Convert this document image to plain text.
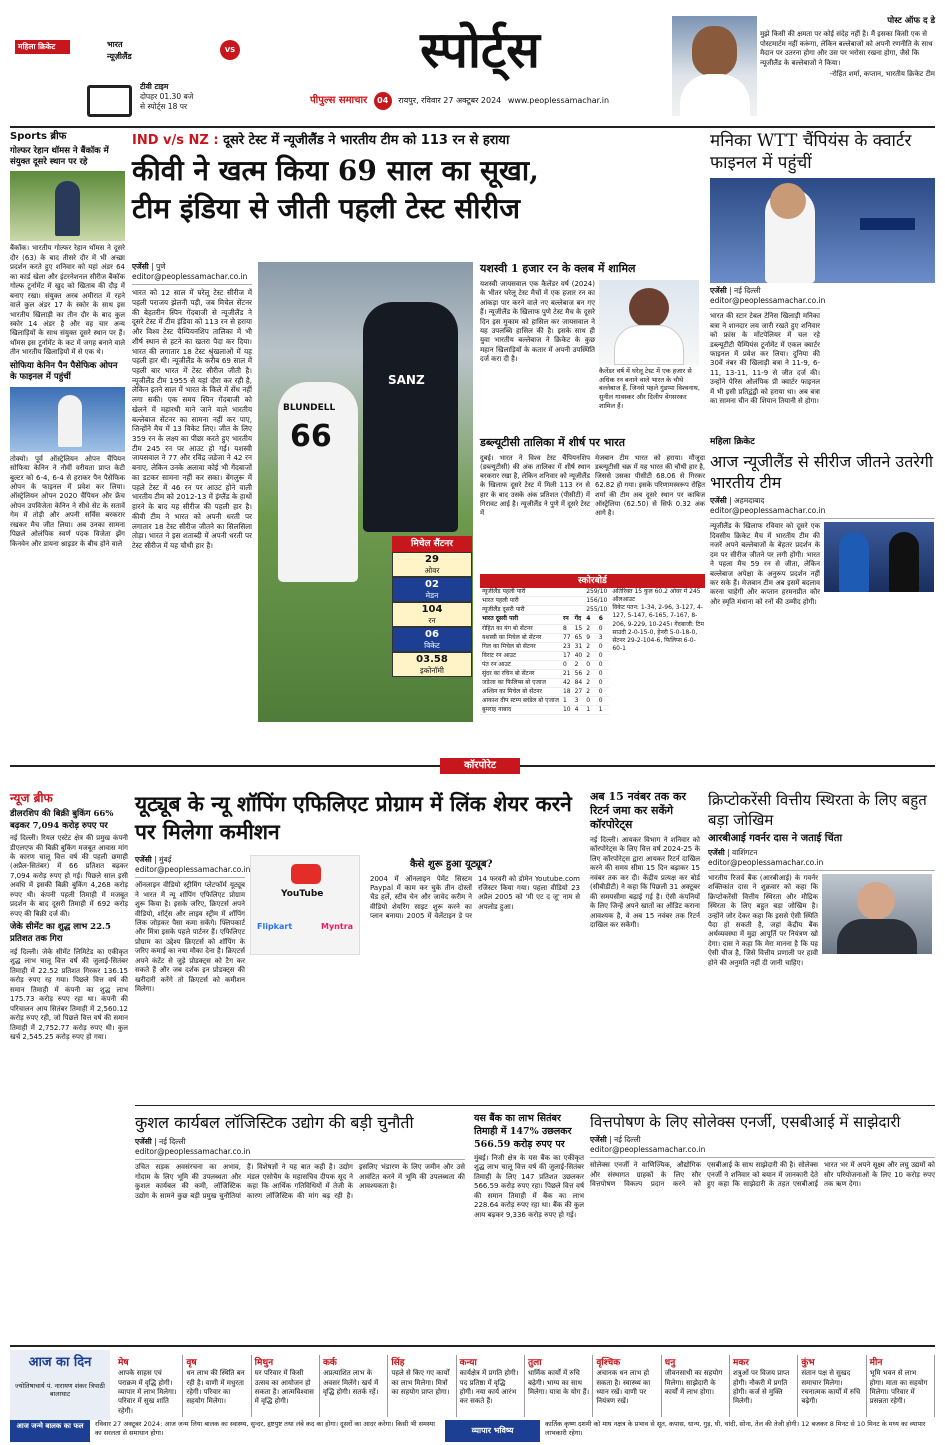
महिला क्रिकेट	भारत
न्यूज़ीलैंड
VS
टीवी टाइम
दोपहर 01.30 बजे
से स्पोर्ट्स 18 पर
स्पोर्ट्स
पीपुल्स समाचार 04 रायपुर, रविवार 27 अक्टूबर 2024 www.peoplessamachar.in
पोस्ट ऑफ द डे
मुझे किसी की क्षमता पर कोई संदेह नहीं है। मैं इसका किसी एक से पोस्टमार्टम नहीं करूंगा, लेकिन बल्लेबाजों को अपनी रणनीति के साथ मैदान पर उतरना होगा और उस पर भरोसा रखना होगा, जैसे कि न्यूजीलैंड के बल्लेबाजों ने किया।
-रोहित शर्मा, कप्तान, भारतीय क्रिकेट टीम
Sports ब्रीफ
गोल्फर रेहान थॉमस ने बैंकॉक में संयुक्त दूसरे स्थान पर रहे

बैंकॉक। भारतीय गोल्फर रेहान थॉमस ने दूसरे दौर (63) के बाद तीसरे दौर में भी अच्छा प्रदर्शन करते हुए शनिवार को यहां अंडर 64 का कार्ड खेला और इंटरनेशनल सीरीज बैंकॉक गोल्फ टूर्नामेंट में खुद को खिताब की दौड़ में बनाए रखा। संयुक्त अरब अमीरात में रहने वाले कुल अंडर 17 के स्कोर के साथ इस भारतीय खिलाड़ी का तीन दौर के बाद कुल स्कोर 14 अंडर है और वह चार अन्य खिलाड़ियों के साथ संयुक्त दूसरे स्थान पर हैं। थॉमस इस टूर्नामेंट के कट में जगह बनाने वाले तीन भारतीय खिलाड़ियों में से एक थे।

सोफिया केनिन पैन पैसेफिक ओपन के फाइनल में पहुंचीं

तोक्यो। पूर्व ऑस्ट्रेलियन ओपन चैंपियन सोफिया केनिन ने नौवीं वरीयता प्राप्त केटी बुल्टर को 6-4, 6-4 से हराकर पैन पैसेफिक ओपन के फाइनल में प्रवेश कर लिया। ऑस्ट्रेलियन ओपन 2020 चैंपियन और फ्रेंच ओपन उपविजेता केनिन ने सीधे सेट के सतावें गेम में तोड़ी और अपनी सर्विस बरकरार रखकर मैच जीत लिया। अब उनका सामना पिछले ओलंपिक स्वर्ण पदक विजेता झेंग किनवेन और डायना श्नाइडर के बीच होने वाले

IND v/s NZ : दूसरे टेस्ट में न्यूजीलैंड ने भारतीय टीम को 113 रन से हराया
कीवी ने खत्म किया 69 साल का सूखा,
टीम इंडिया से जीती पहली टेस्ट सीरीज
एजेंसी | पुणे
editor@peoplessamachar.co.in

भारत को 12 साल में घरेलू टेस्ट सीरीज में पहली पराजय झेलनी पड़ी, जब मिचेल सेंटनर की बेहतरीन स्पिन गेंदबाजी से न्यूजीलैंड ने दूसरे टेस्ट में टीम इंडिया को 113 रन से हराया और विश्व टेस्ट चैम्पियनशिप तालिका में भी शीर्ष स्थान से हटने का खतरा पैदा कर दिया। भारत की लगातार 18 टेस्ट श्रृंखलाओं में यह पहली हार थी। न्यूजीलैंड के करीब 69 साल में पहली बार भारत में टेस्ट सीरीज जीती है। न्यूजीलैंड टीम 1955 से यहां दौरा कर रही है, लेकिन इतने साल में भारत के किले में सेंध नहीं लगा सकी। एक समय स्पिन गेंदबाजी को खेलने में महारथी माने जाने वाले भारतीय बल्लेबाज सेंटनर का सामना नहीं कर पाए, जिन्होंने मैच में 13 विकेट लिए। जीत के लिए 359 रन के लक्ष्य का पीछा करते हुए भारतीय टीम 245 रन पर आउट हो गई। यशस्वी जायसवाल ने 77 और रविंद्र जडेजा ने 42 रन बनाए, लेकिन उनके अलावा कोई भी गेंदबाजों का डटकर सामना नहीं कर सका। बेंगलुरू में पहले टेस्ट में 46 रन पर आउट होने वाली भारतीय टीम को 2012-13 में इंग्लैंड के हाथों हारने के बाद यह सीरीज की पहली हार है। कीवी टीम ने भारत को अपनी धरती पर लगातार 18 टेस्ट सीरीज जीतने का सिलसिला तोड़ा। भारत ने इस शताब्दी में अपनी धरती पर टेस्ट सीरीज में यह चौथी हार है।

BLUNDELL
66
SANZ
मिचेल सैंटनर
29
ओवर
02
मेडन
104
रन
06
विकेट
03.58
इकोनॉमी
यशस्वी 1 हजार रन के क्लब में शामिल
यशस्वी जायसवाल एक कैलेंडर वर्ष (2024) के भीतर घरेलू टेस्ट मैचों में एक हजार रन का आंकड़ा पार करने वाले नए बल्लेबाज बन गए हैं। न्यूजीलैंड के खिलाफ पुणे टेस्ट मैच के दूसरे दिन इस मुकाम को हासिल कर जायसवाल ने यह उपलब्धि हासिल की है। इसके साथ ही युवा भारतीय बल्लेबाज ने क्रिकेट के कुछ महान खिलाड़ियों के कतार में अपनी उपस्थिति दर्ज करा दी है।
कैलेंडर वर्ष में घरेलू टेस्ट में एक हजार से अधिक रन बनाने वाले भारत के चौथे बल्लेबाज हैं, जिनसे पहले गुंडप्पा विश्वनाथ, सुनील गावस्कर और दिलीप वेंगसरकर शामिल हैं।
डब्ल्यूटीसी तालिका में शीर्ष पर भारत
दुबई। भारत ने विश्व टेस्ट चैंपियनशिप (डब्ल्यूटीसी) की अंक तालिका में शीर्ष स्थान बरकरार रखा है, लेकिन शनिवार को न्यूजीलैंड के खिलाफ दूसरे टेस्ट में मिली 113 रन से हार के बाद उसके अंक प्रतिशत (पीसीटी) में गिरावट आई है। न्यूजीलैंड ने पुणे में दूसरे टेस्ट में
मेजबान टीम भारत को हराया। मौजूदा डब्ल्यूटीसी चक्र में यह भारत की चौथी हार है, जिससे उसका पीसीटी 68.06 से गिरकर 62.82 हो गया। इसके परिणामस्वरूप रोहित शर्मा की टीम अब दूसरे स्थान पर काबिज ऑस्ट्रेलिया (62.50) से सिर्फ 0.32 अंक आगे है।
स्कोरबोर्ड
न्यूजीलैंड पहली पारी			259/10	
भारत पहली पारी			156/10	
न्यूजीलैंड दूसरी पारी			255/10	
भारत दूसरी पारी	रन	गेंद	4	6
रोहित का यंग बो सेंटनर	8	15	2	0
यशस्वी का मिचेल बो सेंटनर	77	65	9	3
गिल का मिचेल बो सेंटनर	23	31	2	0
विराट रन आउट	17	40	2	0
पंत रन आउट	0	2	0	0
सुंदर का रचिन बो सेंटनर	21	56	2	0
जडेजा का फिलिप्स बो एजाज	42	84	2	0
अश्विन का मिचेल बो सेंटनर	18	27	2	0
आकाश दीप स्टम्प ब्लंडेल बो एजाज	1	3	0	0
बुमराह नाबाद	10	4	1	1
अतिरिक्त 15 कुल 60.2 ओवर में 245 ऑलआउट
विकेट पतन: 1-34, 2-96, 3-127, 4-127, 5-147, 6-165, 7-167, 8-206, 9-229, 10-245। गेंदबाजी: टिम साउदी 2-0-15-0, हेनरी 5-0-18-0, सेंटनर 29-2-104-6, फिलिप्स 6-0-60-1
मनिका WTT चैंपियंस के क्वार्टर फाइनल में पहुंचीं
एजेंसी | नई दिल्ली
editor@peoplessamachar.co.in
भारत की स्टार टेबल टेनिस खिलाड़ी मनिका बत्रा ने शानदार लय जारी रखते हुए शनिवार को फ्रांस के मोंटपेलियर में चल रहे डब्ल्यूटीटी चैम्पियंस टूर्नामेंट में एकल क्वार्टर फाइनल में प्रवेश कर लिया। दुनिया की 30वें नंबर की खिलाड़ी बत्रा ने 11-9, 6-11, 13-11, 11-9 से जीत दर्ज की। उन्होंने पेरिस ओलंपिक प्री क्वार्टर फाइनल में भी इसी प्रतिद्वंद्वी को हराया था। अब बत्रा का सामना चीन की शियान तियानी से होगा।
महिला क्रिकेट
आज न्यूजीलैंड से सीरीज जीतने उतरेगी भारतीय टीम
एजेंसी | अहमदाबाद
editor@peoplessamachar.co.in
न्यूजीलैंड के खिलाफ रविवार को दूसरे एक दिवसीय क्रिकेट मैच में भारतीय टीम की नजरें अपने बल्लेबाजों के बेहतर प्रदर्शन के दम पर सीरीज जीतने पर लगी होंगी। भारत ने पहला मैच 59 रन से जीता, लेकिन बल्लेबाज अपेक्षा के अनुरूप प्रदर्शन नहीं कर सके हैं। मेजबान टीम अब इसमें बदलाव करना चाहेगी और कप्तान हरमनप्रीत कौर और स्मृति मंधाना को रनों की उम्मीद होगी।
कॉरपोरेट
न्यूज ब्रीफ
डीलरशिप की बिक्री बुकिंग 66% बढ़कर 7,094 करोड़ रुपए पर

नई दिल्ली। रियल एस्टेट क्षेत्र की प्रमुख कंपनी डीएलएफ की बिक्री बुकिंग मजबूत आवास मांग के कारण चालू वित्त वर्ष की पहली छमाही (अप्रैल-सितंबर) में 66 प्रतिशत बढ़कर 7,094 करोड़ रुपए हो गई। पिछले साल इसी अवधि में इसकी बिक्री बुकिंग 4,268 करोड़ रुपए थी। कंपनी पहली तिमाही में मजबूत प्रदर्शन के बाद दूसरी तिमाही में 692 करोड़ रुपए की बिक्री दर्ज की।

जेके सीमेंट का शुद्ध लाभ 22.5 प्रतिशत तक गिरा

नई दिल्ली। जेके सीमेंट लिमिटेड का एकीकृत शुद्ध लाभ चालू वित्त वर्ष की जुलाई-सितंबर तिमाही में 22.52 प्रतिशत गिरकर 136.15 करोड़ रुपए रह गया। पिछले वित्त वर्ष की समान तिमाही में कंपनी का शुद्ध लाभ 175.73 करोड़ रुपए रहा था। कंपनी की परिचालन आय सितंबर तिमाही में 2,560.12 करोड़ रुपए रही, जो पिछले वित्त वर्ष की समान तिमाही में 2,752.77 करोड़ रुपए थी। कुल खर्च 2,545.25 करोड़ रुपए हो गया।

यूट्यूब के न्यू शॉपिंग एफिलिएट प्रोग्राम में लिंक शेयर करने पर मिलेगा कमीशन
एजेंसी | मुंबई
editor@peoplessamachar.co.in

ऑनलाइन वीडियो स्ट्रीमिंग प्लेटफॉर्म यूट्यूब ने भारत में न्यू शॉपिंग एफिलिएट प्रोग्राम शुरू किया है। इसके जरिए, क्रिएटर्स अपने वीडियो, शॉर्ट्स और लाइव स्ट्रीम में शॉपिंग लिंक जोड़कर पैसा कमा सकेंगे। फ्लिपकार्ट और मिंत्रा इसके पहले पार्टनर हैं। एफिलिएट प्रोग्राम का उद्देश्य क्रिएटर्स को शॉपिंग के जरिए कमाई का नया मौका देना है। क्रिएटर्स अपने कंटेंट से जुड़े प्रोडक्ट्स को टैग कर सकते हैं और जब दर्शक इन प्रोडक्ट्स की खरीदारी करेंगे तो क्रिएटर्स को कमीशन मिलेगा।

YouTube
Flipkart	Myntra
कैसे शुरू हुआ यूट्यूब?
2004 में ऑनलाइन पेमेंट सिस्टम Paypal में काम कर चुके तीन दोस्तों चैड हर्ले, स्टीव चेन और जावेद करीम ने वीडियो शेयरिंग साइट शुरू करने का प्लान बनाया। 2005 में वेलेंटाइन डे पर 14 फरवरी को डोमेन Youtube.com रजिस्टर किया गया। पहला वीडियो 23 अप्रैल 2005 को 'मी एट द जू' नाम से अपलोड हुआ।
अब 15 नवंबर तक कर रिटर्न जमा कर सकेंगे कॉरपोरेट्स
नई दिल्ली। आयकर विभाग ने शनिवार को कॉरपोरेट्स के लिए वित्त वर्ष 2024-25 के लिए कॉरपोरेट्स द्वारा आयकर रिटर्न दाखिल करने की समय सीमा 15 दिन बढ़ाकर 15 नवंबर तक कर दी। केंद्रीय प्रत्यक्ष कर बोर्ड (सीबीडीटी) ने कहा कि पिछली 31 अक्टूबर की समयसीमा बढ़ाई गई है। ऐसी कंपनियों के लिए जिन्हें अपने खातों का ऑडिट कराना आवश्यक है, वे अब 15 नवंबर तक रिटर्न दाखिल कर सकेंगी।
क्रिप्टोकरेंसी वित्तीय स्थिरता के लिए बहुत बड़ा जोखिम
आरबीआई गवर्नर दास ने जताई चिंता
एजेंसी | वाशिंगटन
editor@peoplessamachar.co.in
भारतीय रिजर्व बैंक (आरबीआई) के गवर्नर शक्तिकांत दास ने शुक्रवार को कहा कि क्रिप्टोकरेंसी वित्तीय स्थिरता और मौद्रिक स्थिरता के लिए बहुत बड़ा जोखिम है। उन्होंने जोर देकर कहा कि इससे ऐसी स्थिति पैदा हो सकती है, जहां केंद्रीय बैंक अर्थव्यवस्था में मुद्रा आपूर्ति पर नियंत्रण खो देगा। दास ने कहा कि मेरा मानना है कि यह ऐसी चीज है, जिसे वित्तीय प्रणाली पर हावी होने की अनुमति नहीं दी जानी चाहिए।
कुशल कार्यबल लॉजिस्टिक उद्योग की बड़ी चुनौती
एजेंसी | नई दिल्ली
editor@peoplessamachar.co.in
उचित सड़क अवसंरचना का अभाव, गोदाम के लिए भूमि की उपलब्धता और कुशल कार्यबल की कमी, लॉजिस्टिक उद्योग के सामने कुछ बड़ी प्रमुख चुनौतियां हैं। विशेषज्ञों ने यह बात कही है। उद्योग मंडल एसोचैम के महासचिव दीपक सूद ने कहा कि आर्थिक गतिविधियों में तेजी के कारण लॉजिस्टिक की मांग बढ़ रही है। इसलिए भंडारण के लिए जमीन और उसे आवंटित करने में भूमि की उपलब्धता की आवश्यकता है।
यस बैंक का लाभ सितंबर तिमाही में 147% उछलकर 566.59 करोड़ रुपए पर
मुंबई। निजी क्षेत्र के यस बैंक का एकीकृत शुद्ध लाभ चालू वित्त वर्ष की जुलाई-सितंबर तिमाही के लिए 147 प्रतिशत उछलकर 566.59 करोड़ रुपए रहा। पिछले वित्त वर्ष की समान तिमाही में बैंक का लाभ 228.64 करोड़ रुपए रहा था। बैंक की कुल आय बढ़कर 9,336 करोड़ रुपए हो गई।
वित्तपोषण के लिए सोलेक्स एनर्जी, एसबीआई में साझेदारी
एजेंसी | नई दिल्ली
editor@peoplessamachar.co.in
सोलेक्स एनर्जी ने वाणिज्यिक, औद्योगिक और संस्थागत ग्राहकों के लिए सौर वित्तपोषण विकल्प प्रदान करने को एसबीआई के साथ साझेदारी की है। सोलेक्स एनर्जी ने शनिवार को बयान में जानकारी देते हुए कहा कि साझेदारी के तहत एसबीआई भारत भर में अपने सूक्ष्म और लघु उद्यमों को सौर परियोजनाओं के लिए 10 करोड़ रुपए तक ऋण देगा।
आज का दिन
ज्योतिषाचार्य पं. नारायण शंकर त्रिपाठी बालाघाट
मेष
आपके साहस एवं पराक्रम में वृद्धि होगी। व्यापार में लाभ मिलेगा। परिवार में सुख शांति रहेगी।
वृष
धन लाभ की स्थिति बन रही है। वाणी में मधुरता रहेगी। परिवार का सहयोग मिलेगा।
मिथुन
घर परिवार में किसी उत्सव का आयोजन हो सकता है। आत्मविश्वास में वृद्धि होगी।
कर्क
अप्रत्याशित लाभ के अवसर मिलेंगे। खर्च में वृद्धि होगी। सतर्क रहें।
सिंह
पहले से किए गए कार्यों का लाभ मिलेगा। मित्रों का सहयोग प्राप्त होगा।
कन्या
कार्यक्षेत्र में प्रगति होगी। पद प्रतिष्ठा में वृद्धि होगी। नया कार्य आरंभ कर सकते हैं।
तुला
धार्मिक कार्यों में रुचि बढ़ेगी। भाग्य का साथ मिलेगा। यात्रा के योग हैं।
वृश्चिक
अचानक धन लाभ हो सकता है। स्वास्थ्य का ध्यान रखें। वाणी पर नियंत्रण रखें।
धनु
जीवनसाथी का सहयोग मिलेगा। साझेदारी के कार्यों में लाभ होगा।
मकर
शत्रुओं पर विजय प्राप्त होगी। नौकरी में प्रगति होगी। कर्ज से मुक्ति मिलेगी।
कुंभ
संतान पक्ष से सुखद समाचार मिलेगा। रचनात्मक कार्यों में रुचि बढ़ेगी।
मीन
भूमि भवन से लाभ होगा। माता का सहयोग मिलेगा। परिवार में प्रसन्नता रहेगी।
आज जन्मे बालक का फल	रविवार 27 अक्टूबर 2024: आज जन्म लिया बालक का स्वास्थ्य, सुन्दर, हृष्टपुष्ट तथा लंबे कद का होगा। दूसरों का आदर करेगा। किसी भी समस्या का सरलता से समाधान होगा।	व्यापार भविष्य
कार्तिक कृष्ण दशमी को माघ नक्षत्र के प्रभाव से सूत, कपास, धान्य, गुड़, घी, चांदी, सोना, तेल की तेजी होगी। 12 बजकर 8 मिनट से 10 मिनट के मध्य का व्यापार लाभकारी रहेगा।
